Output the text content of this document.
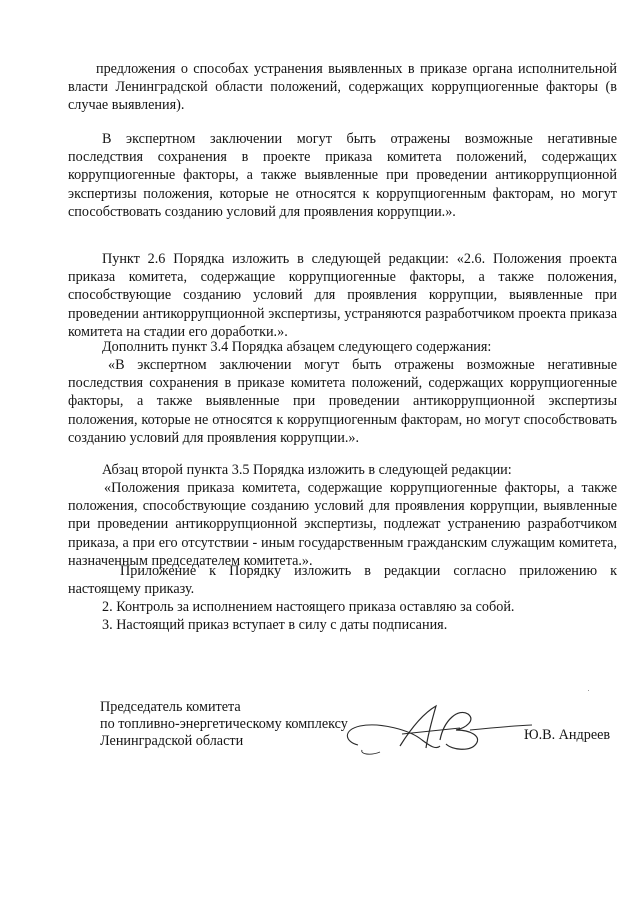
предложения о способах устранения выявленных в приказе органа исполнительной власти Ленинградской области положений, содержащих коррупциогенные факторы (в случае выявления).

В экспертном заключении могут быть отражены возможные негативные последствия сохранения в проекте приказа комитета положений, содержащих коррупциогенные факторы, а также выявленные при проведении антикоррупционной экспертизы положения, которые не относятся к коррупциогенным факторам, но могут способствовать созданию условий для проявления коррупции.».

Пункт 2.6 Порядка изложить в следующей редакции: «2.6. Положения проекта приказа комитета, содержащие коррупциогенные факторы, а также положения, способствующие созданию условий для проявления коррупции, выявленные при проведении антикоррупционной экспертизы, устраняются разработчиком проекта приказа комитета на стадии его доработки.».

Дополнить пункт 3.4 Порядка абзацем следующего содержания:

«В экспертном заключении могут быть отражены возможные негативные последствия сохранения в приказе комитета положений, содержащих коррупциогенные факторы, а также выявленные при проведении антикоррупционной экспертизы положения, которые не относятся к коррупциогенным факторам, но могут способствовать созданию условий для проявления коррупции.».

Абзац второй пункта 3.5 Порядка изложить в следующей редакции:

«Положения приказа комитета, содержащие коррупциогенные факторы, а также положения, способствующие созданию условий для проявления коррупции, выявленные при проведении антикоррупционной экспертизы, подлежат устранению разработчиком приказа, а при его отсутствии - иным государственным гражданским служащим комитета, назначенным председателем комитета.».

Приложение к Порядку изложить в редакции согласно приложению к настоящему приказу.

2. Контроль за исполнением настоящего приказа оставляю за собой.

3. Настоящий приказ вступает в силу с даты подписания.

Председатель комитета
по топливно-энергетическому комплексу
Ленинградской области	Ю.В. Андреев
